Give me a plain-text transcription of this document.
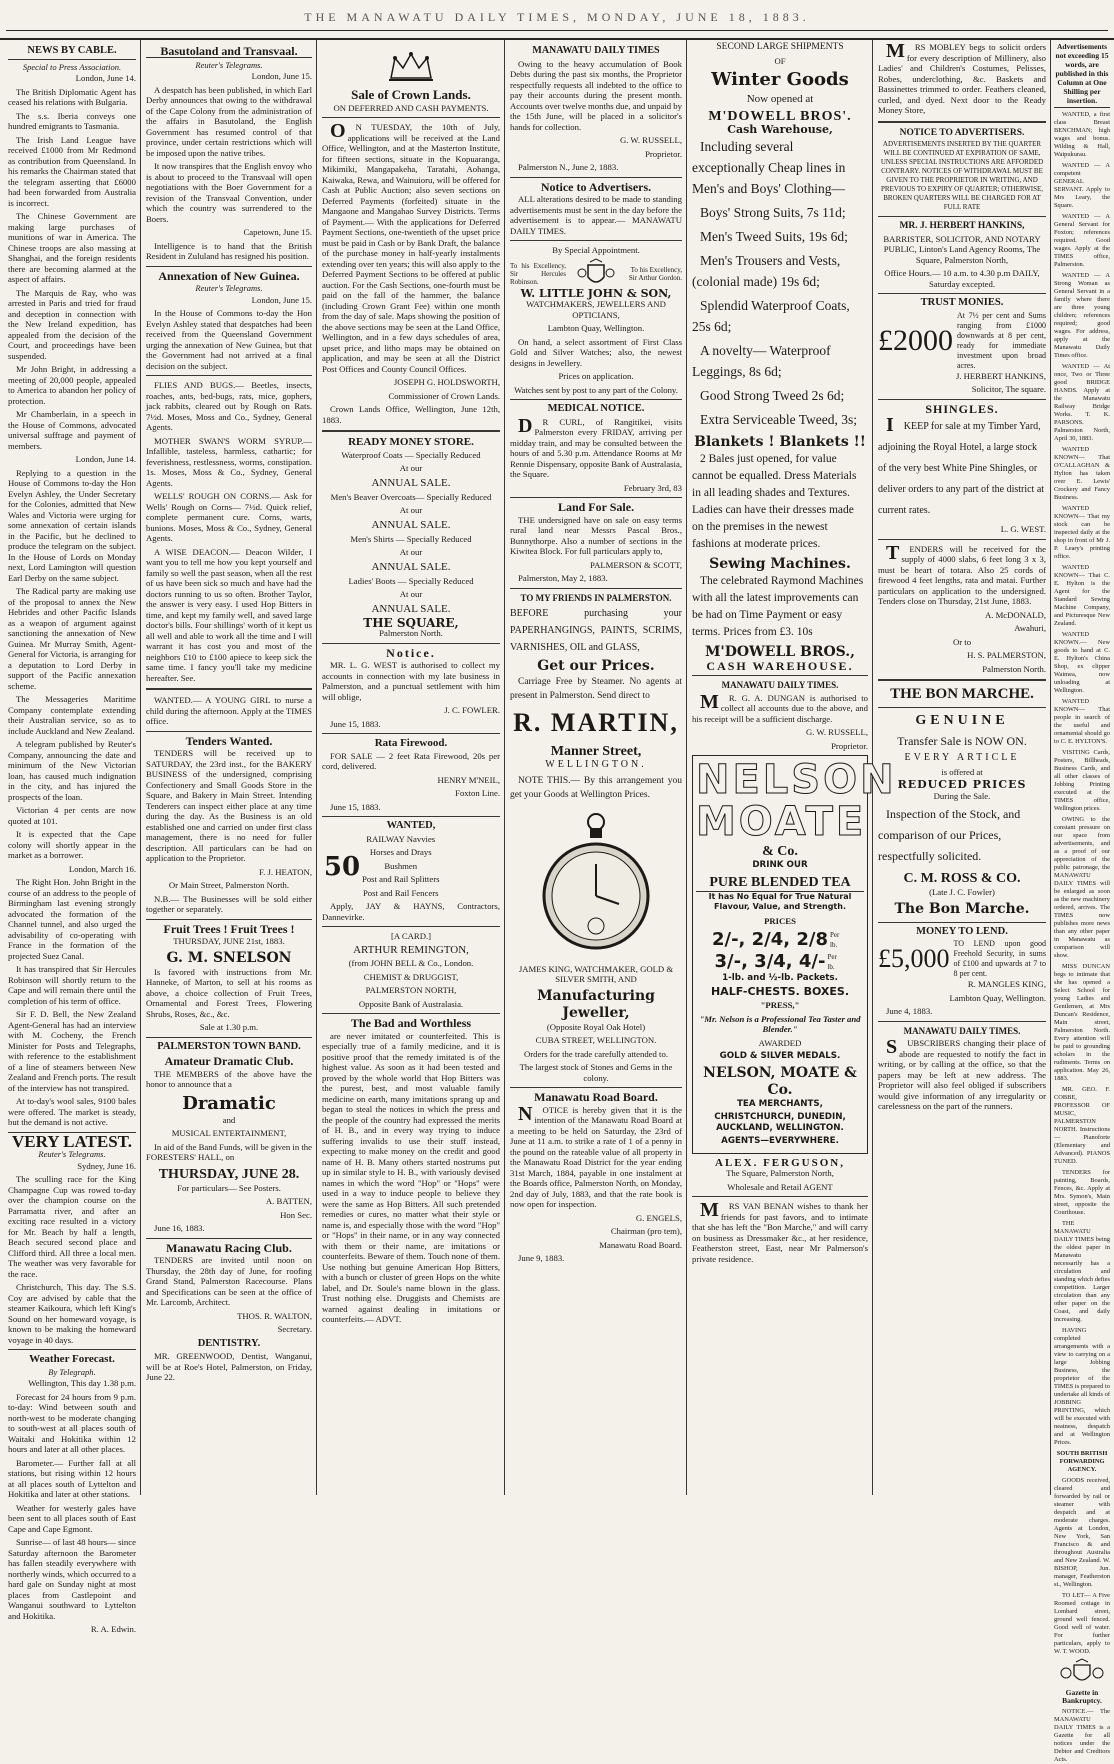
THE MANAWATU DAILY TIMES, MONDAY, JUNE 18, 1883.
NEWS BY CABLE.
Special to Press Association.

London, June 14.

The British Diplomatic Agent has ceased his relations with Bulgaria.

The s.s. Iberia conveys one hundred emigrants to Tasmania.

The Irish Land League have received £1000 from Mr Redmond as contribution from Queensland. In his remarks the Chairman stated that the telegram asserting that £6000 had been forwarded from Australia is incorrect.

The Chinese Government are making large purchases of munitions of war in America. The Chinese troops are also massing at Shanghai, and the foreign residents there are becoming alarmed at the aspect of affairs.

The Marquis de Ray, who was arrested in Paris and tried for fraud and deception in connection with the New Ireland expedition, has appealed from the decision of the Court, and proceedings have been suspended.

Mr John Bright, in addressing a meeting of 20,000 people, appealed to America to abandon her policy of protection.

Mr Chamberlain, in a speech in the House of Commons, advocated universal suffrage and payment of members.

London, June 14.

Replying to a question in the House of Commons to-day the Hon Evelyn Ashley, the Under Secretary for the Colonies, admitted that New Wales and Victoria were urging for some annexation of certain islands in the Pacific, but he declined to produce the telegram on the subject. In the House of Lords on Monday next, Lord Lamington will question Earl Derby on the same subject.

The Radical party are making use of the proposal to annex the New Hebrides and other Pacific Islands as a weapon of argument against sanctioning the annexation of New Guinea. Mr Murray Smith, Agent-General for Victoria, is arranging for a deputation to Lord Derby in support of the Pacific annexation scheme.

The Messageries Maritime Company contemplate extending their Australian service, so as to include Auckland and New Zealand.

A telegram published by Reuter's Company, announcing the date and minimum of the New Victorian loan, has caused much indignation in the city, and has injured the prospects of the loan.

Victorian 4 per cents are now quoted at 101.

It is expected that the Cape colony will shortly appear in the market as a borrower.

London, March 16.

The Right Hon. John Bright in the course of an address to the people of Birmingham last evening strongly advocated the formation of the Channel tunnel, and also urged the advisability of co-operating with France in the formation of the projected Suez Canal.

It has transpired that Sir Hercules Robinson will shortly return to the Cape and will remain there until the completion of his term of office.

Sir F. D. Bell, the New Zealand Agent-General has had an interview with M. Cocheny, the French Minister for Posts and Telegraphs, with reference to the establishment of a line of steamers between New Zealand and French ports. The result of the interview has not transpired.

At to-day's wool sales, 9100 bales were offered. The market is steady, but the demand is not active.

VERY LATEST.
Reuter's Telegrams.

Sydney, June 16.

The sculling race for the King Champagne Cup was rowed to-day over the champion course on the Parramatta river, and after an exciting race resulted in a victory for Mr. Beach by half a length, Beach secured second place and Clifford third. All three a local men. The weather was very favorable for the race.

Christchurch, This day. The S.S. Coy are advised by cable that the steamer Kaikoura, which left King's Sound on her homeward voyage, is known to be making the homeward voyage in 40 days.

Weather Forecast.
By Telegraph.

Wellington, This day 1.38 p.m.

Forecast for 24 hours from 9 p.m. to-day: Wind between south and north-west to be moderate changing to south-west at all places south of Waitaki and Hokitika within 12 hours and later at all other places.

Barometer.— Further fall at all stations, but rising within 12 hours at all places south of Lyttelton and Hokitika and later at other stations.

Weather for westerly gales have been sent to all places south of East Cape and Cape Egmont.

Sunrise— of last 48 hours— since Saturday afternoon the Barometer has fallen steadily everywhere with northerly winds, which occurred to a hard gale on Sunday night at most places from Castlepoint and Wanganui southward to Lyttelton and Hokitika.

R. A. Edwin.

Basutoland and Transvaal.
Reuter's Telegrams.

London, June 15.

A despatch has been published, in which Earl Derby announces that owing to the withdrawal of the Cape Colony from the administration of the affairs in Basutoland, the English Government has resumed control of that province, under certain restrictions which will be imposed upon the native tribes.

It now transpires that the English envoy who is about to proceed to the Transvaal will open negotiations with the Boer Government for a revision of the Transvaal Convention, under which the country was surrendered to the Boers.

Capetown, June 15.

Intelligence is to hand that the British Resident in Zululand has resigned his position.

Annexation of New Guinea.
Reuter's Telegrams.

London, June 15.

In the House of Commons to-day the Hon Evelyn Ashley stated that despatches had been received from the Queensland Government urging the annexation of New Guinea, but that the Government had not arrived at a final decision on the subject.

FLIES AND BUGS.— Beetles, insects, roaches, ants, bed-bugs, rats, mice, gophers, jack rabbits, cleared out by Rough on Rats. 7½d. Moses, Moss and Co., Sydney, General Agents.

MOTHER SWAN'S WORM SYRUP.— Infallible, tasteless, harmless, cathartic; for feverishness, restlessness, worms, constipation. 1s. Moses, Moss & Co., Sydney, General Agents.

WELLS' ROUGH ON CORNS.— Ask for Wells' Rough on Corns— 7½d. Quick relief, complete permanent cure. Corns, warts, bunions. Moses, Moss & Co., Sydney, General Agents.

A WISE DEACON.— Deacon Wilder, I want you to tell me how you kept yourself and family so well the past season, when all the rest of us have been sick so much and have had the doctors running to us so often. Brother Taylor, the answer is very easy. I used Hop Bitters in time, and kept my family well, and saved large doctor's bills. Four shillings' worth of it kept us all well and able to work all the time and I will warrant it has cost you and most of the neighbors £10 to £100 apiece to keep sick the same time. I fancy you'll take my medicine hereafter. See.

WANTED.— A YOUNG GIRL to nurse a child during the afternoon. Apply at the TIMES office.

Tenders Wanted.

TENDERS will be received up to SATURDAY, the 23rd inst., for the BAKERY BUSINESS of the undersigned, comprising Confectionery and Small Goods Store in the Square, and Bakery in Main Street. Intending Tenderers can inspect either place at any time during the day. As the Business is an old established one and carried on under first class management, there is no need for fuller description. All particulars can be had on application to the Proprietor.

F. J. HEATON,

Or Main Street, Palmerston North.

N.B.— The Businesses will be sold either together or separately.

Fruit Trees ! Fruit Trees !

THURSDAY, JUNE 21st, 1883.

G. M. SNELSON

Is favored with instructions from Mr. Hanneke, of Marton, to sell at his rooms as above, a choice collection of Fruit Trees, Ornamental and Forest Trees, Flowering Shrubs, Roses, &c., &c.

Sale at 1.30 p.m.

PALMERSTON TOWN BAND.
Amateur Dramatic Club.

THE MEMBERS of the above have the honor to announce that a

Dramatic

and

MUSICAL ENTERTAINMENT,

In aid of the Band Funds, will be given in the FORESTERS' HALL, on

THURSDAY, JUNE 28.

For particulars— See Posters.

A. BATTEN,

Hon Sec.

June 16, 1883.

Manawatu Racing Club.

TENDERS are invited until noon on Thursday, the 28th day of June, for roofing Grand Stand, Palmerston Racecourse. Plans and Specifications can be seen at the office of Mr. Larcomb, Architect.

THOS. R. WALTON,

Secretary.

DENTISTRY.

MR. GREENWOOD, Dentist, Wanganui, will be at Roe's Hotel, Palmerston, on Friday, June 22.

Sale of Crown Lands.

ON DEFERRED AND CASH PAYMENTS.

ON TUESDAY, the 10th of July, applications will be received at the Land Office, Wellington, and at the Masterton Institute, for fifteen sections, situate in the Kopuaranga, Mikimiki, Mangapakeha, Taratahi, Aohanga, Kaiwaka, Rewa, and Wainuioru, will be offered for Cash at Public Auction; also seven sections on Deferred Payments (forfeited) situate in the Mangaone and Mangahao Survey Districts. Terms of Payment.— With the applications for Deferred Payment Sections, one-twentieth of the upset price must be paid in Cash or by Bank Draft, the balance of the purchase money in half-yearly instalments extending over ten years; this will also apply to the Deferred Payment Sections to be offered at public auction. For the Cash Sections, one-fourth must be paid on the fall of the hammer, the balance (including Crown Grant Fee) within one month from the day of sale. Maps showing the position of the above sections may be seen at the Land Office, Wellington, and in a few days schedules of area, upset price, and litho maps may be obtained on application, and may be seen at all the District Post Offices and County Council Offices.

JOSEPH G. HOLDSWORTH,

Commissioner of Crown Lands.

Crown Lands Office, Wellington, June 12th, 1883.

READY MONEY STORE.

Waterproof Coats — Specially Reduced

At our

ANNUAL SALE.

Men's Beaver Overcoats— Specially Reduced

At our

ANNUAL SALE.

Men's Shirts — Specially Reduced

At our

ANNUAL SALE.

Ladies' Boots — Specially Reduced

At our

ANNUAL SALE.

THE SQUARE,

Palmerston North.

Notice.

MR. L. G. WEST is authorised to collect my accounts in connection with my late business in Palmerston, and a punctual settlement with him will oblige,

J. C. FOWLER.

June 15, 1883.

Rata Firewood.

FOR SALE — 2 feet Rata Firewood, 20s per cord, delivered.

HENRY M'NEIL,

Foxton Line.

June 15, 1883.

WANTED,
50

RAILWAY Navvies

Horses and Drays

Bushmen

Post and Rail Splitters

Post and Rail Fencers

Apply, JAY & HAYNS, Contractors, Dannevirke.

[A CARD.]

ARTHUR REMINGTON,

(from JOHN BELL & Co., London.

CHEMIST & DRUGGIST,

PALMERSTON NORTH,

Opposite Bank of Australasia.

The Bad and Worthless

are never imitated or counterfeited. This is especially true of a family medicine, and it is positive proof that the remedy imitated is of the highest value. As soon as it had been tested and proved by the whole world that Hop Bitters was the purest, best, and most valuable family medicine on earth, many imitations sprang up and began to steal the notices in which the press and the people of the country had expressed the merits of H. B., and in every way trying to induce suffering invalids to use their stuff instead, expecting to make money on the credit and good name of H. B. Many others started nostrums put up in similar style to H. B., with variously devised names in which the word "Hop" or "Hops" were used in a way to induce people to believe they were the same as Hop Bitters. All such pretended remedies or cures, no matter what their style or name is, and especially those with the word "Hop" or "Hops" in their name, or in any way connected with them or their name, are imitations or counterfeits. Beware of them. Touch none of them. Use nothing but genuine American Hop Bitters, with a bunch or cluster of green Hops on the white label, and Dr. Soule's name blown in the glass. Trust nothing else. Druggists and Chemists are warned against dealing in imitations or counterfeits.— ADVT.

MANAWATU DAILY TIMES

Owing to the heavy accumulation of Book Debts during the past six months, the Proprietor respectfully requests all indebted to the office to pay their accounts during the present month. Accounts over twelve months due, and unpaid by the 15th June, will be placed in a solicitor's hands for collection.

G. W. RUSSELL,

Proprietor.

Palmerston N., June 2, 1883.

Notice to Advertisers.

ALL alterations desired to be made to standing advertisements must be sent in the day before the advertisement is to appear.— MANAWATU DAILY TIMES.

By Special Appointment.

To his Excellency, Sir Hercules Robinson.
To his Excellency, Sir Arthur Gordon.
W. LITTLE JOHN & SON,

WATCHMAKERS, JEWELLERS AND OPTICIANS,

Lambton Quay, Wellington.

On hand, a select assortment of First Class Gold and Silver Watches; also, the newest designs in Jewellery.

Prices on application.

Watches sent by post to any part of the Colony.

MEDICAL NOTICE.

DR CURL, of Rangitikei, visits Palmerston every FRIDAY, arriving per midday train, and may be consulted between the hours of and 5.30 p.m. Attendance Rooms at Mr Rennie Dispensary, opposite Bank of Australasia, the Square.

February 3rd, 83

Land For Sale.

THE undersigned have on sale on easy terms rural land near Messrs Pascal Bros., Bunnythorpe. Also a number of sections in the Kiwitea Block. For full particulars apply to,

PALMERSON & SCOTT,

Palmerston, May 2, 1883.

TO MY FRIENDS IN PALMERSTON.

BEFORE purchasing your PAPERHANGINGS, PAINTS, SCRIMS, VARNISHES, OIL and GLASS,

Get our Prices.

Carriage Free by Steamer. No agents at present in Palmerston. Send direct to

R. MARTIN,
Manner Street,

WELLINGTON.

NOTE THIS.— By this arrangement you get your Goods at Wellington Prices.

JAMES KING, WATCHMAKER, GOLD & SILVER SMITH, AND

Manufacturing Jeweller,

(Opposite Royal Oak Hotel)

CUBA STREET, WELLINGTON.

Orders for the trade carefully attended to.

The largest stock of Stones and Gems in the colony.

Manawatu Road Board.

NOTICE is hereby given that it is the intention of the Manawatu Road Board at a meeting to be held on Saturday, the 23rd of June at 11 a.m. to strike a rate of 1 of a penny in the pound on the rateable value of all property in the Manawatu Road District for the year ending 31st March, 1884, payable in one instalment at the Boards office, Palmerston North, on Monday, 2nd day of July, 1883, and that the rate book is now open for inspection.

G. ENGELS,

Chairman (pro tem),

Manawatu Road Board.

June 9, 1883.

SECOND LARGE SHIPMENTS

OF

Winter Goods

Now opened at

M'DOWELL BROS'.
Cash Warehouse,

Including several exceptionally Cheap lines in Men's and Boys' Clothing—

Boys' Strong Suits, 7s 11d;

Men's Tweed Suits, 19s 6d;

Men's Trousers and Vests, (colonial made) 19s 6d;

Splendid Waterproof Coats, 25s 6d;

A novelty— Waterproof Leggings, 8s 6d;

Good Strong Tweed 2s 6d;

Extra Serviceable Tweed, 3s;

Blankets ! Blankets !!

2 Bales just opened, for value cannot be equalled. Dress Materials in all leading shades and Textures. Ladies can have their dresses made on the premises in the newest fashions at moderate prices.

Sewing Machines.

The celebrated Raymond Machines with all the latest improvements can be had on Time Payment or easy terms. Prices from £3. 10s

M'DOWELL BROS.,
CASH WAREHOUSE.
MANAWATU DAILY TIMES.

MR. G. A. DUNGAN is authorised to collect all accounts due to the above, and his receipt will be a sufficient discharge.

G. W. RUSSELL,

Proprietor.

NELSON
MOATE
& Co.

DRINK OUR

PURE BLENDED TEA

It has No Equal for True Natural Flavour, Value, and Strength.

PRICES

2/-, 2/4, 2/8 Per lb.
3/-, 3/4, 4/- Per lb.

1-lb. and ½-lb. Packets.

HALF-CHESTS. BOXES.

"PRESS,"

"Mr. Nelson is a Professional Tea Taster and Blender."

AWARDED

GOLD & SILVER MEDALS.

NELSON, MOATE & Co.

TEA MERCHANTS,

CHRISTCHURCH, DUNEDIN, AUCKLAND, WELLINGTON.

AGENTS—EVERYWHERE.

ALEX. FERGUSON,

The Square, Palmerston North,

Wholesale and Retail AGENT

MRS VAN BENAN wishes to thank her friends for past favors, and to intimate that she has left the "Bon Marche," and will carry on business as Dressmaker &c., at her residence, Featherston street, East, near Mr Palmerson's private residence.

MRS MOBLEY begs to solicit orders for every description of Millinery, also Ladies' and Children's Costumes, Pelisses, Robes, underclothing, &c. Baskets and Bassinettes trimmed to order. Feathers cleaned, curled, and dyed. Next door to the Ready Money Store,

NOTICE TO ADVERTISERS.

ADVERTISEMENTS INSERTED BY THE QUARTER WILL BE CONTINUED AT EXPIRATION OF SAME, UNLESS SPECIAL INSTRUCTIONS ARE AFFORDED CONTRARY. NOTICES OF WITHDRAWAL MUST BE GIVEN TO THE PROPRIETOR IN WRITING, AND PREVIOUS TO EXPIRY OF QUARTER; OTHERWISE, BROKEN QUARTERS WILL BE CHARGED FOR AT FULL RATE

MR. J. HERBERT HANKINS,

BARRISTER, SOLICITOR, AND NOTARY PUBLIC, Linton's Land Agency Rooms, The Square, Palmerston North,

Office Hours.— 10 a.m. to 4.30 p.m DAILY, Saturday excepted.

TRUST MONIES.
£2000
At 7½ per cent and Sums ranging from £1000 downwards at 8 per cent, ready for immediate investment upon broad acres.

J. HERBERT HANKINS,

Solicitor, The square.

SHINGLES.

IKEEP for sale at my Timber Yard, adjoining the Royal Hotel, a large stock of the very best White Pine Shingles, or deliver orders to any part of the district at current rates.

L. G. WEST.

TENDERS will be received for the supply of 4000 slabs, 6 feet long 3 x 3, must be heart of totara. Also 25 cords of firewood 4 feet lengths, rata and matai. Further particulars on application to the undersigned. Tenders close on Thursday, 21st June, 1883.

A. McDONALD,

Awahuri,

Or to

H. S. PALMERSTON,

Palmerston North.

THE BON MARCHE.
GENUINE

Transfer Sale is NOW ON.

EVERY ARTICLE

is offered at

REDUCED PRICES

During the Sale.

Inspection of the Stock, and comparison of our Prices, respectfully solicited.

C. M. ROSS & CO.

(Late J. C. Fowler)

The Bon Marche.
MONEY TO LEND.
£5,000
TO LEND upon good Freehold Security, in sums of £100 and upwards at 7 to 8 per cent.

R. MANGLES KING,

Lambton Quay, Wellington.

June 4, 1883.

MANAWATU DAILY TIMES.

SUBSCRIBERS changing their place of abode are requested to notify the fact in writing, or by calling at the office, so that the papers may be left at new address. The Proprietor will also feel obliged if subscribers would give information of any irregularity or carelessness on the part of the runners.

Advertisements not exceeding 15 words, are published in this Column at One Shilling per insertion.

WANTED, a first class Breast BENCHMAN; high wages and bonus. Wilding & Hall, Waipukurau.

WANTED — A competent GENERAL SERVANT. Apply to Mrs Leary, the Square.

WANTED — A General Servant for Foxton; references required. Good wages. Apply at the TIMES office, Palmerston.

WANTED — A Strong Woman as General Servant in a family where there are three young children; references required; good wages. For address, apply at the Manawatu Daily Times office.

WANTED — At once, Two or Three good BRIDGE HANDS. Apply at the Manawatu Railway Bridge Works. T. K. PARSONS. Palmerston North, April 30, 1883.

WANTED KNOWN— That O'CALLAGHAN & Hylton has taken over E. Lewis' Crockery and Fancy Business.

WANTED KNOWN— That my stock can be inspected daily at the shop in front of Mr J. P. Leary's printing office.

WANTED KNOWN— That C. E. Hylton is the Agent for the Standard Sewing Machine Company, and Picturesque New Zealand.

WANTED KNOWN.— New goods to hand at C. E. Hylton's China Shop, ex clipper Waimea, now unloading at Wellington.

WANTED KNOWN— That people in search of the useful and ornamental should go to C. E. HYLTON'S.

VISITING Cards, Posters, Billheads, Business Cards, and all other classes of Jobbing Printing executed at the TIMES office, Wellington prices.

OWING to the constant pressure on our space from advertisements, and as a proof of our appreciation of the public patronage, the MANAWATU DAILY TIMES will be enlarged as soon as the new machinery ordered, arrives. The TIMES now publishes more news than any other paper in Manawatu as comparison will show.

MISS DUNCAN begs to intimate that she has opened a Select School for young Ladies and Gentlemen, at Mrs Duncan's Residence, Main street, Palmerston North. Every attention will be paid to grounding scholars in the rudiments. Terms on application. May 26, 1883.

MR. GEO. F. COBBE, PROFESSOR OF MUSIC, PALMERSTON NORTH. Instructions— Pianoforte (Elementary and Advanced). PIANOS TUNED.

TENDERS for painting, Boards, Fences, &c. Apply at Mrs. Symon's, Main street, opposite the Courthouse.

THE MANAWATU DAILY TIMES being the oldest paper in Manawatu necessarily has a circulation and standing which defies competition. Larger circulation than any other paper on the Coast, and daily increasing.

HAVING completed arrangements with a view to carrying on a large Jobbing Business, the proprietor of the TIMES is prepared to undertake all kinds of JOBBING PRINTING, which will be executed with neatness, despatch and at Wellington Prices.

SOUTH BRITISH FORWARDING AGENCY.

GOODS received, cleared and forwarded by rail or steamer with despatch and at moderate charges. Agents at London, New York, San Francisco & and throughout Australia and New Zealand. W. BISHOP, Jun. manager, Featherston st., Wellington.

TO LET— A Five Roomed cottage in Lombard street, ground well fenced. Good well of water. For further particulars, apply to W. T. WOOD.

Gazette in Bankruptcy.

NOTICE.— The MANAWATU DAILY TIMES is a Gazette for all notices under the Debtor and Creditors Acts.
